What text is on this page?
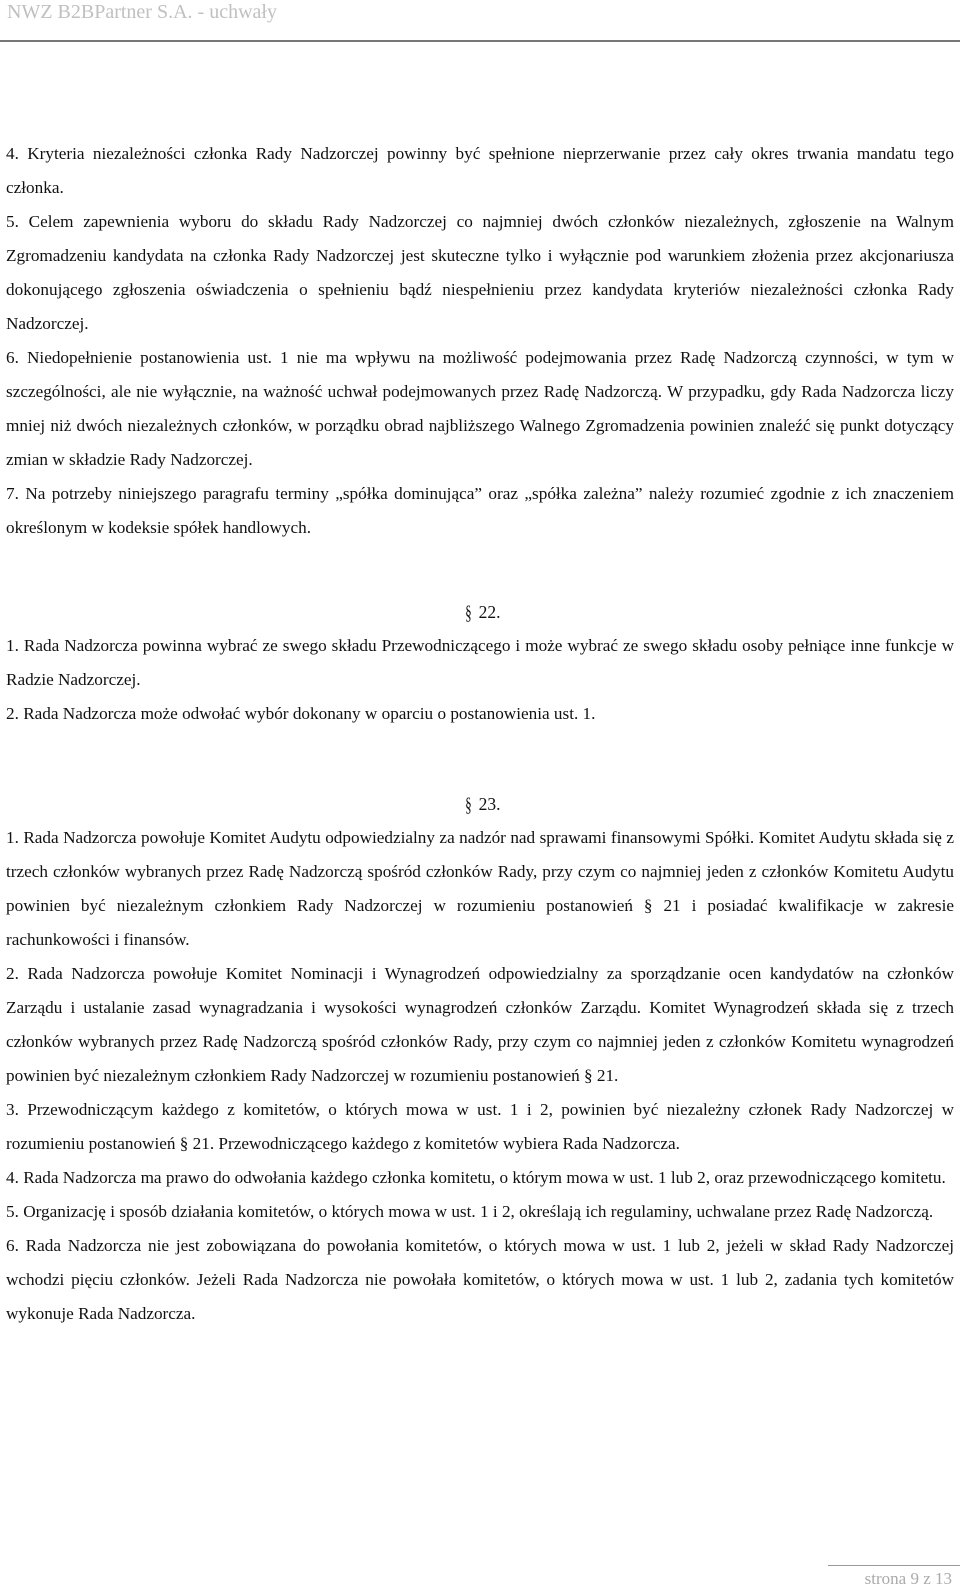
NWZ B2BPartner S.A. - uchwały

4. Kryteria niezależności członka Rady Nadzorczej powinny być spełnione nieprzerwanie przez cały okres trwania mandatu tego członka.

5. Celem zapewnienia wyboru do składu Rady Nadzorczej co najmniej dwóch członków niezależnych, zgłoszenie na Walnym Zgromadzeniu kandydata na członka Rady Nadzorczej jest skuteczne tylko i wyłącznie pod warunkiem złożenia przez akcjonariusza dokonującego zgłoszenia oświadczenia o spełnieniu bądź niespełnieniu przez kandydata kryteriów niezależności członka Rady Nadzorczej.

6. Niedopełnienie postanowienia ust. 1 nie ma wpływu na możliwość podejmowania przez Radę Nadzorczą czynności, w tym w szczególności, ale nie wyłącznie, na ważność uchwał podejmowanych przez Radę Nadzorczą. W przypadku, gdy Rada Nadzorcza liczy mniej niż dwóch niezależnych członków, w porządku obrad najbliższego Walnego Zgromadzenia powinien znaleźć się punkt dotyczący zmian w składzie Rady Nadzorczej.

7. Na potrzeby niniejszego paragrafu terminy „spółka dominująca” oraz „spółka zależna” należy rozumieć zgodnie z ich znaczeniem określonym w kodeksie spółek handlowych.

§ 22.

1. Rada Nadzorcza powinna wybrać ze swego składu Przewodniczącego i może wybrać ze swego składu osoby pełniące inne funkcje w Radzie Nadzorczej.

2. Rada Nadzorcza może odwołać wybór dokonany w oparciu o postanowienia ust. 1.

§ 23.

1. Rada Nadzorcza powołuje Komitet Audytu odpowiedzialny za nadzór nad sprawami finansowymi Spółki. Komitet Audytu składa się z trzech członków wybranych przez Radę Nadzorczą spośród członków Rady, przy czym co najmniej jeden z członków Komitetu Audytu powinien być niezależnym członkiem Rady Nadzorczej w rozumieniu postanowień § 21 i posiadać kwalifikacje w zakresie rachunkowości i finansów.

2. Rada Nadzorcza powołuje Komitet Nominacji i Wynagrodzeń odpowiedzialny za sporządzanie ocen kandydatów na członków Zarządu i ustalanie zasad wynagradzania i wysokości wynagrodzeń członków Zarządu. Komitet Wynagrodzeń składa się z trzech członków wybranych przez Radę Nadzorczą spośród członków Rady, przy czym co najmniej jeden z członków Komitetu wynagrodzeń powinien być niezależnym członkiem Rady Nadzorczej w rozumieniu postanowień § 21.

3. Przewodniczącym każdego z komitetów, o których mowa w ust. 1 i 2, powinien być niezależny członek Rady Nadzorczej w rozumieniu postanowień § 21. Przewodniczącego każdego z komitetów wybiera Rada Nadzorcza.

4. Rada Nadzorcza ma prawo do odwołania każdego członka komitetu, o którym mowa w ust. 1 lub 2, oraz przewodniczącego komitetu.

5. Organizację i sposób działania komitetów, o których mowa w ust. 1 i 2, określają ich regulaminy, uchwalane przez Radę Nadzorczą.

6. Rada Nadzorcza nie jest zobowiązana do powołania komitetów, o których mowa w ust. 1 lub 2, jeżeli w skład Rady Nadzorczej wchodzi pięciu członków. Jeżeli Rada Nadzorcza nie powołała komitetów, o których mowa w ust. 1 lub 2, zadania tych komitetów wykonuje Rada Nadzorcza.

strona 9 z 13
